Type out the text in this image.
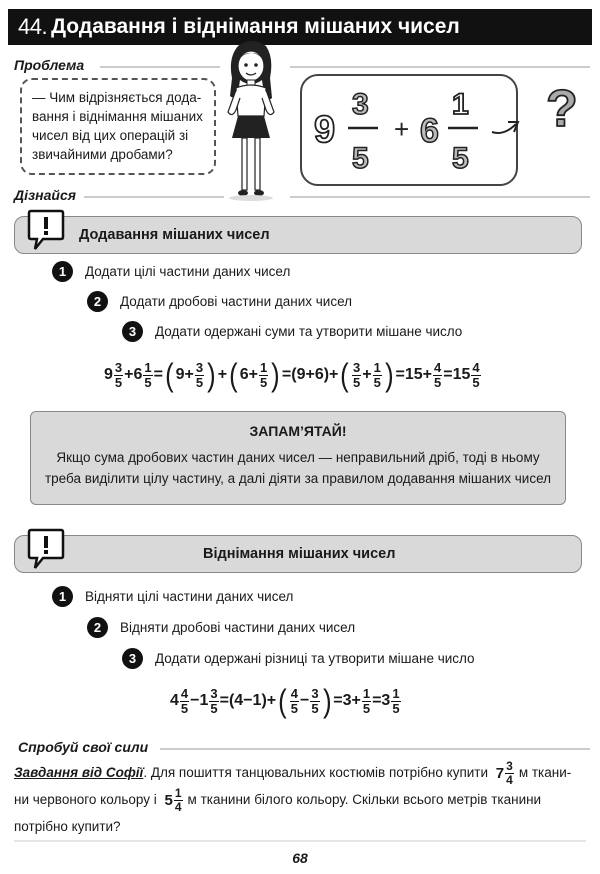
44. Додавання і віднімання мішаних чисел
Проблема
— Чим відрізняється дода-
вання і віднімання мішаних
чисел від цих операцій зі
звичайними дробами?
9
3
5
+ 6
1
5
?
Дізнайся
Додавання мішаних чисел
1	Додати цілі частини даних чисел
2	Додати дробові частини даних чисел
3	Додати одержані суми та утворити мішане число
$9 \frac{3}{5} + 6 \frac{1}{5}$ = ( $9+ \frac{3}{5}$ ) + ( $6+ \frac{1}{5}$ ) = (9+6) + ( $\frac{3}{5} + \frac{1}{5}$ ) = $15+ \frac{4}{5} = 15 \frac{4}{5}$
ЗАПАМ’ЯТАЙ!
Якщо сума дробових частин даних чисел — неправильний дріб, тоді в ньому
треба виділити цілу частину, а далі діяти за правилом додавання мішаних чисел
Віднімання мішаних чисел
1	Відняти цілі частини даних чисел
2	Відняти дробові частини даних чисел
3	Додати одержані різниці та утворити мішане число
$4 \frac{4}{5} - 1 \frac{3}{5} = (4-1)$ + ( $\frac{4}{5} - \frac{3}{5}$ ) = $3+ \frac{1}{5} = 3 \frac{1}{5}$
Спробуй свої сили
Завдання від Софії. Для пошиття танцювальних костюмів потрібно купити $7 \frac{3}{4}$ м ткани-
ни червоного кольору і $5 \frac{1}{4}$ м тканини білого кольору. Скільки всього метрів тканини
потрібно купити?
68
